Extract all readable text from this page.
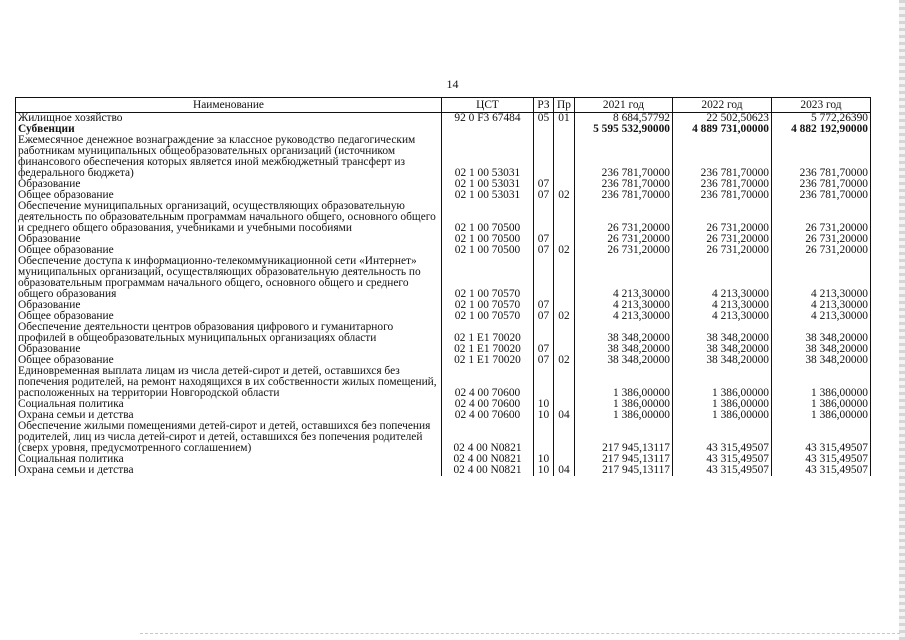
14
Наименование	ЦСТ	РЗ	Пр	2021 год	2022 год	2023 год
Жилищное хозяйство	92 0 F3 67484	05	01	8 684,57792	22 502,50623	5 772,26390
Субвенции				5 595 532,90000	4 889 731,00000	4 882 192,90000
Ежемесячное денежное вознаграждение за классное руководство педагогическим работникам муниципальных общеобразовательных организаций (источником финансового обеспечения которых является иной межбюджетный трансферт из федерального бюджета)	02 1 00 53031			236 781,70000	236 781,70000	236 781,70000
Образование	02 1 00 53031	07		236 781,70000	236 781,70000	236 781,70000
Общее образование	02 1 00 53031	07	02	236 781,70000	236 781,70000	236 781,70000
Обеспечение муниципальных организаций, осуществляющих образовательную деятельность по образовательным программам начального общего, основного общего и среднего общего образования, учебниками и учебными пособиями	02 1 00 70500			26 731,20000	26 731,20000	26 731,20000
Образование	02 1 00 70500	07		26 731,20000	26 731,20000	26 731,20000
Общее образование	02 1 00 70500	07	02	26 731,20000	26 731,20000	26 731,20000
Обеспечение доступа к информационно-телекоммуникационной сети «Интернет» муниципальных организаций, осуществляющих образовательную деятельность по образовательным программам начального общего, основного общего и среднего общего образования	02 1 00 70570			4 213,30000	4 213,30000	4 213,30000
Образование	02 1 00 70570	07		4 213,30000	4 213,30000	4 213,30000
Общее образование	02 1 00 70570	07	02	4 213,30000	4 213,30000	4 213,30000
Обеспечение деятельности центров образования цифрового и гуманитарного профилей в общеобразовательных муниципальных организациях области	02 1 E1 70020			38 348,20000	38 348,20000	38 348,20000
Образование	02 1 E1 70020	07		38 348,20000	38 348,20000	38 348,20000
Общее образование	02 1 E1 70020	07	02	38 348,20000	38 348,20000	38 348,20000
Единовременная выплата лицам из числа детей-сирот и детей, оставшихся без попечения родителей, на ремонт находящихся в их собственности жилых помещений, расположенных на территории Новгородской области	02 4 00 70600			1 386,00000	1 386,00000	1 386,00000
Социальная политика	02 4 00 70600	10		1 386,00000	1 386,00000	1 386,00000
Охрана семьи и детства	02 4 00 70600	10	04	1 386,00000	1 386,00000	1 386,00000
Обеспечение жилыми помещениями детей-сирот и детей, оставшихся без попечения родителей, лиц из числа детей-сирот и детей, оставшихся без попечения родителей (сверх уровня, предусмотренного соглашением)	02 4 00 N0821			217 945,13117	43 315,49507	43 315,49507
Социальная политика	02 4 00 N0821	10		217 945,13117	43 315,49507	43 315,49507
Охрана семьи и детства	02 4 00 N0821	10	04	217 945,13117	43 315,49507	43 315,49507
